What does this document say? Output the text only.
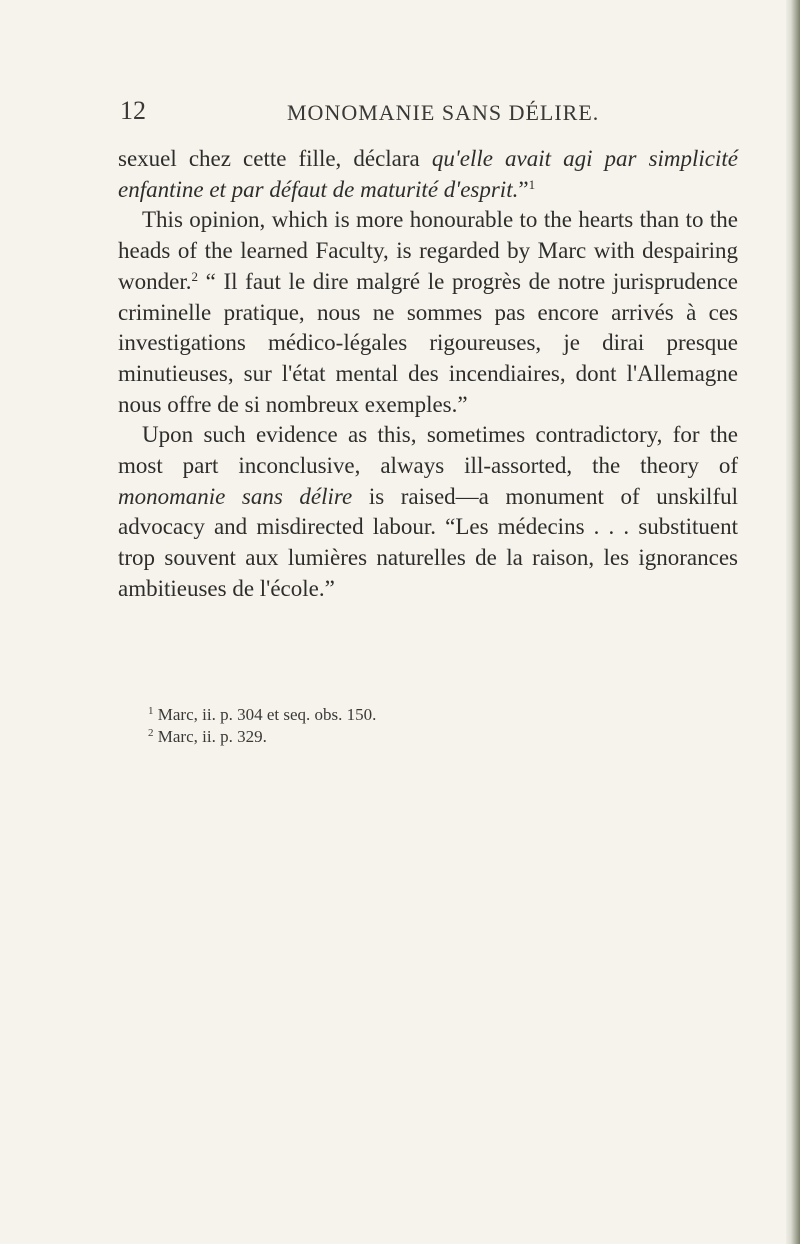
12	MONOMANIE SANS DÉLIRE.

sexuel chez cette fille, déclara qu'elle avait agi par simplicité enfantine et par défaut de maturité d'esprit.”$^1$

This opinion, which is more honourable to the hearts than to the heads of the learned Faculty, is regarded by Marc with despairing wonder.$^2$ “ Il faut le dire malgré le progrès de notre jurisprudence criminelle pratique, nous ne sommes pas encore arrivés à ces investigations médico-légales rigoureuses, je dirai presque minutieuses, sur l'état mental des incendiaires, dont l'Allemagne nous offre de si nombreux exemples.”

Upon such evidence as this, sometimes contradictory, for the most part inconclusive, always ill-assorted, the theory of monomanie sans délire is raised—a monument of unskilful advocacy and misdirected labour. “Les médecins . . . substituent trop souvent aux lumières naturelles de la raison, les ignorances ambitieuses de l'école.”

$^1$ Marc, ii. p. 304 et seq. obs. 150.
$^2$ Marc, ii. p. 329.
